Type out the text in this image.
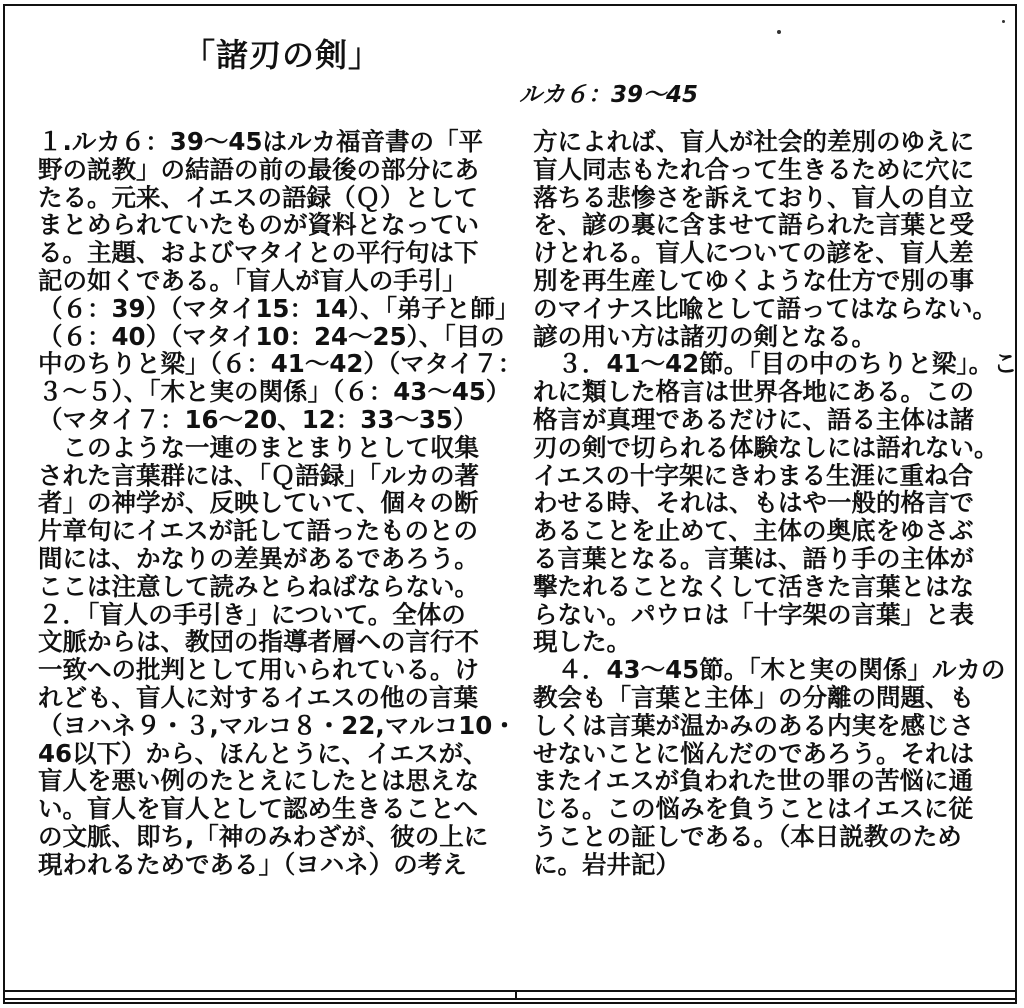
「諸刃の剣」
ルカ６：39〜45
１.ルカ６：39〜45はルカ福音書の「平
野の説教」の結語の前の最後の部分にあ
たる。元来、イエスの語録（Ｑ）として
まとめられていたものが資料となってい
る。主題、およびマタイとの平行句は下
記の如くである。「盲人が盲人の手引」
（６：39）（マタイ15：14）、「弟子と師」
（６：40）（マタイ10：24〜25）、「目の
中のちりと梁」（６：41〜42）（マタイ７：
３〜５）、「木と実の関係」（６：43〜45）
（マタイ７：16〜20、12：33〜35）
　このような一連のまとまりとして収集
された言葉群には、「Ｑ語録」「ルカの著
者」の神学が、反映していて、個々の断
片章句にイエスが託して語ったものとの
間には、かなりの差異があるであろう。
ここは注意して読みとらねばならない。
２．「盲人の手引き」について。全体の
文脈からは、教団の指導者層への言行不
一致への批判として用いられている。け
れども、盲人に対するイエスの他の言葉
（ヨハネ９・３,マルコ８・22,マルコ10・
46以下）から、ほんとうに、イエスが、
盲人を悪い例のたとえにしたとは思えな
い。盲人を盲人として認め生きることへ
の文脈、即ち,「神のみわざが、彼の上に
現われるためである」（ヨハネ）の考え
方によれば、盲人が社会的差別のゆえに
盲人同志もたれ合って生きるために穴に
落ちる悲惨さを訴えており、盲人の自立
を、諺の裏に含ませて語られた言葉と受
けとれる。盲人についての諺を、盲人差
別を再生産してゆくような仕方で別の事
のマイナス比喩として語ってはならない。
諺の用い方は諸刃の剣となる。
　３．41〜42節。「目の中のちりと梁」。こ
れに類した格言は世界各地にある。この
格言が真理であるだけに、語る主体は諸
刃の剣で切られる体験なしには語れない。
イエスの十字架にきわまる生涯に重ね合
わせる時、それは、もはや一般的格言で
あることを止めて、主体の奥底をゆさぶ
る言葉となる。言葉は、語り手の主体が
撃たれることなくして活きた言葉とはな
らない。パウロは「十字架の言葉」と表
現した。
　４．43〜45節。「木と実の関係」ルカの
教会も「言葉と主体」の分離の問題、も
しくは言葉が温かみのある内実を感じさ
せないことに悩んだのであろう。それは
またイエスが負われた世の罪の苦悩に通
じる。この悩みを負うことはイエスに従
うことの証しである。（本日説教のため
に。岩井記）
